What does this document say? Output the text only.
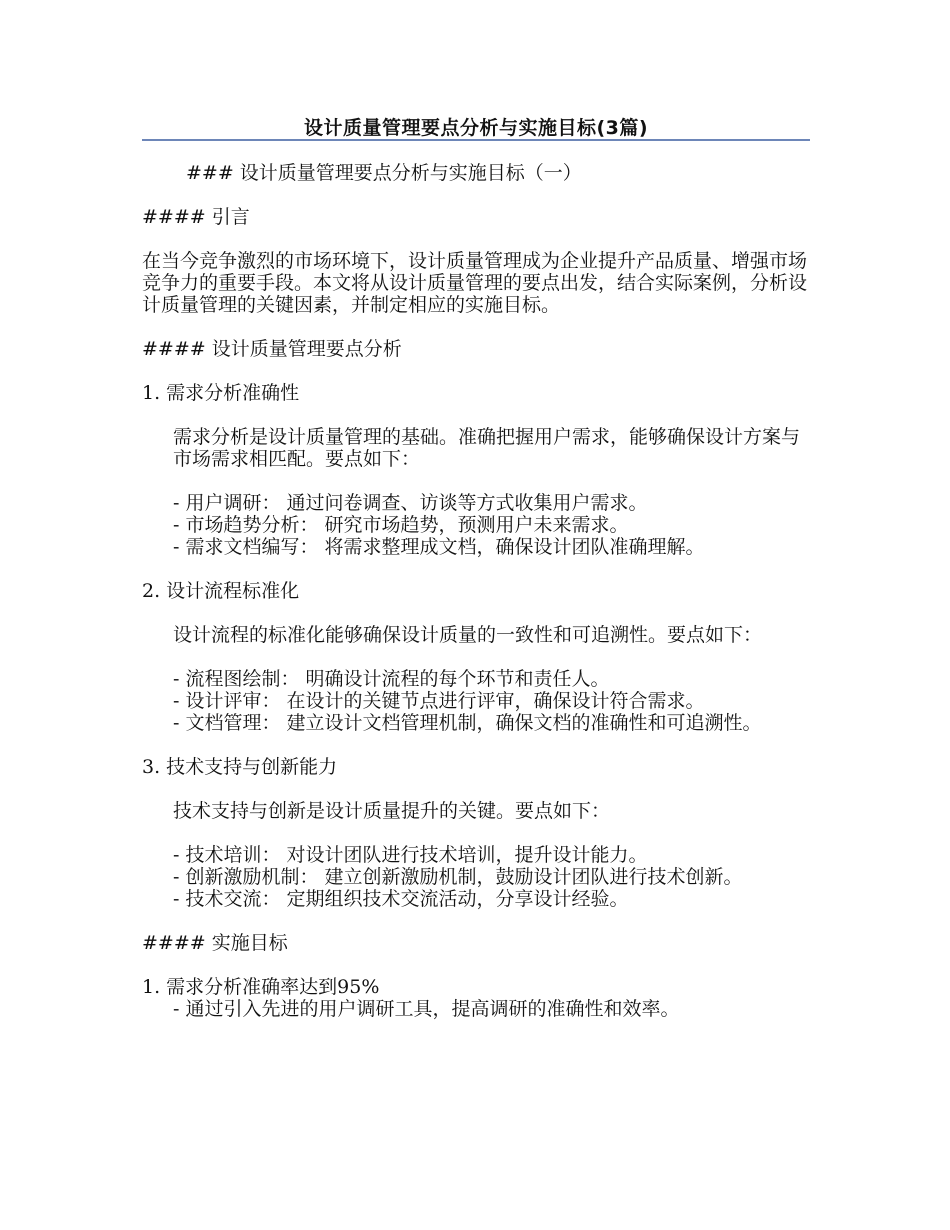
设计质量管理要点分析与实施目标(3篇)

### 设计质量管理要点分析与实施目标（一）

#### 引言

在当今竞争激烈的市场环境下，设计质量管理成为企业提升产品质量、增强市场竞争力的重要手段。本文将从设计质量管理的要点出发，结合实际案例，分析设计质量管理的关键因素，并制定相应的实施目标。

#### 设计质量管理要点分析

1. 需求分析准确性

需求分析是设计质量管理的基础。准确把握用户需求，能够确保设计方案与市场需求相匹配。要点如下：

- 用户调研： 通过问卷调查、访谈等方式收集用户需求。

- 市场趋势分析： 研究市场趋势，预测用户未来需求。

- 需求文档编写： 将需求整理成文档，确保设计团队准确理解。

2. 设计流程标准化

设计流程的标准化能够确保设计质量的一致性和可追溯性。要点如下：

- 流程图绘制： 明确设计流程的每个环节和责任人。

- 设计评审： 在设计的关键节点进行评审，确保设计符合需求。

- 文档管理： 建立设计文档管理机制，确保文档的准确性和可追溯性。

3. 技术支持与创新能力

技术支持与创新是设计质量提升的关键。要点如下：

- 技术培训： 对设计团队进行技术培训，提升设计能力。

- 创新激励机制： 建立创新激励机制，鼓励设计团队进行技术创新。

- 技术交流： 定期组织技术交流活动，分享设计经验。

#### 实施目标

1. 需求分析准确率达到95%

- 通过引入先进的用户调研工具，提高调研的准确性和效率。
